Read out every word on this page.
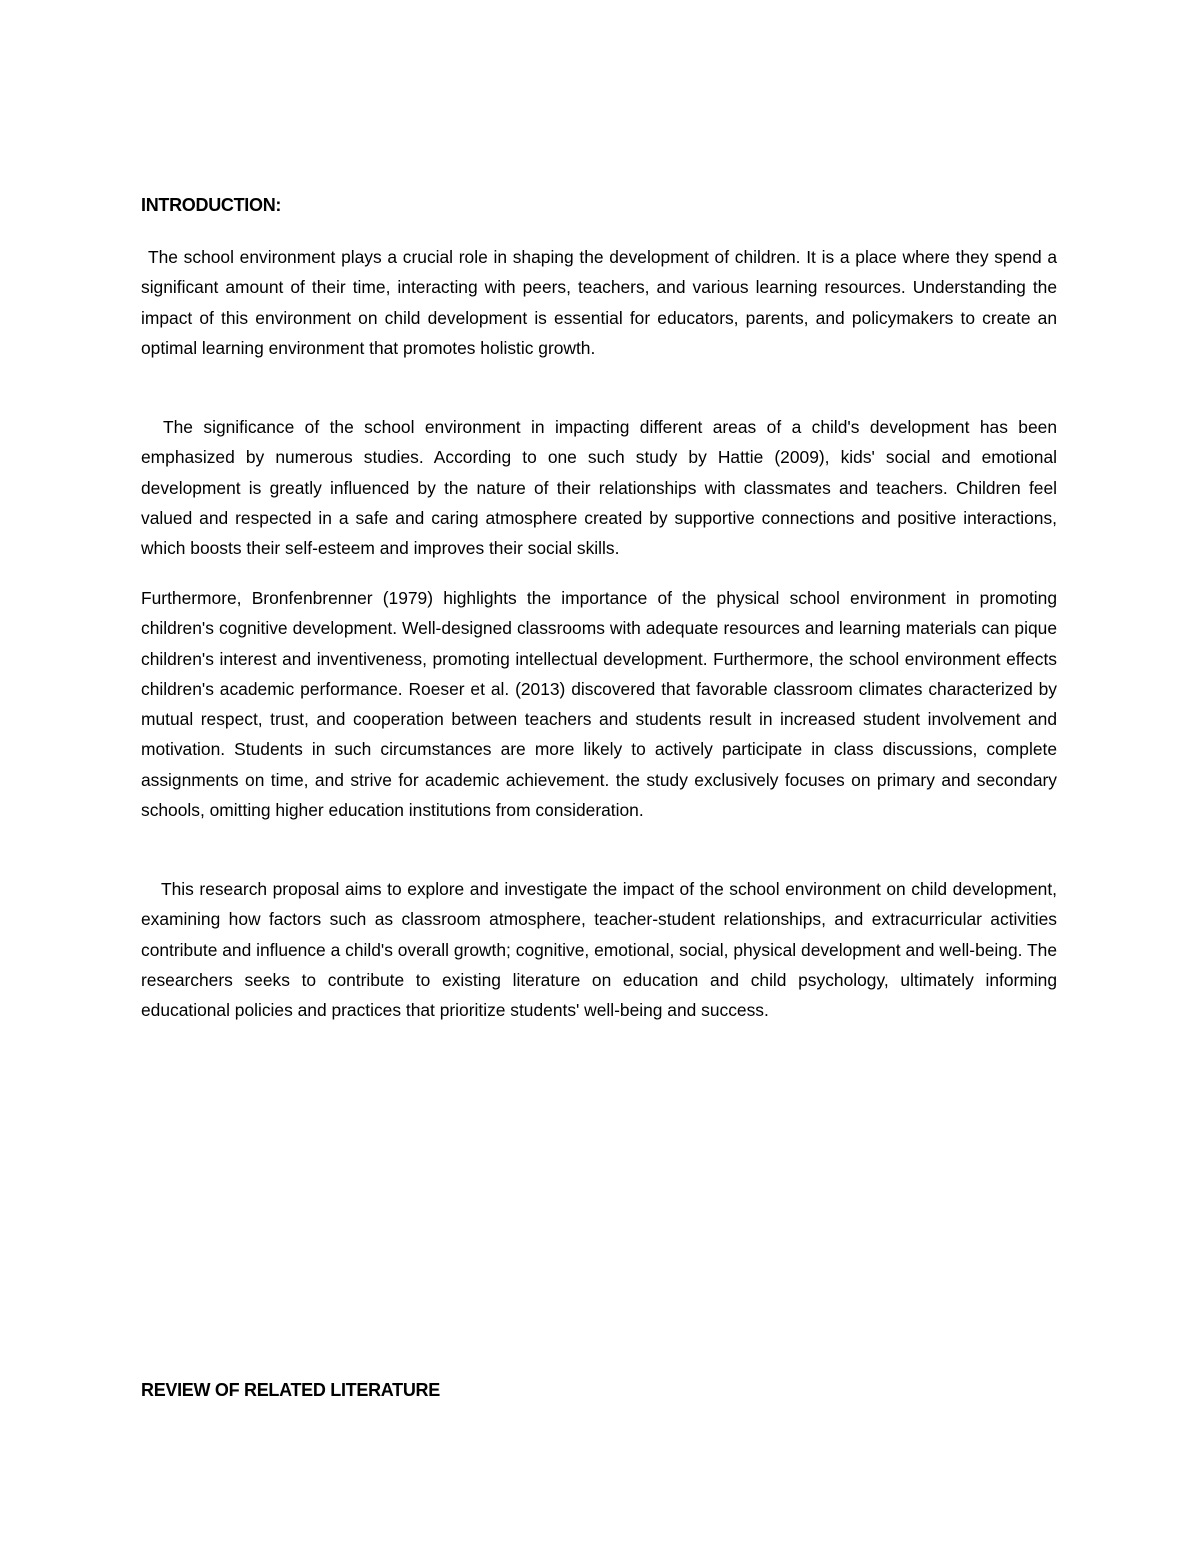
INTRODUCTION:

The school environment plays a crucial role in shaping the development of children. It is a place where they spend a significant amount of their time, interacting with peers, teachers, and various learning resources. Understanding the impact of this environment on child development is essential for educators, parents, and policymakers to create an optimal learning environment that promotes holistic growth.

The significance of the school environment in impacting different areas of a child's development has been emphasized by numerous studies. According to one such study by Hattie (2009), kids' social and emotional development is greatly influenced by the nature of their relationships with classmates and teachers. Children feel valued and respected in a safe and caring atmosphere created by supportive connections and positive interactions, which boosts their self-esteem and improves their social skills.

Furthermore, Bronfenbrenner (1979) highlights the importance of the physical school environment in promoting children's cognitive development. Well-designed classrooms with adequate resources and learning materials can pique children's interest and inventiveness, promoting intellectual development. Furthermore, the school environment effects children's academic performance. Roeser et al. (2013) discovered that favorable classroom climates characterized by mutual respect, trust, and cooperation between teachers and students result in increased student involvement and motivation. Students in such circumstances are more likely to actively participate in class discussions, complete assignments on time, and strive for academic achievement. the study exclusively focuses on primary and secondary schools, omitting higher education institutions from consideration.

This research proposal aims to explore and investigate the impact of the school environment on child development, examining how factors such as classroom atmosphere, teacher-student relationships, and extracurricular activities contribute and influence a child's overall growth; cognitive, emotional, social, physical development and well-being. The researchers seeks to contribute to existing literature on education and child psychology, ultimately informing educational policies and practices that prioritize students' well-being and success.

REVIEW OF RELATED LITERATURE
